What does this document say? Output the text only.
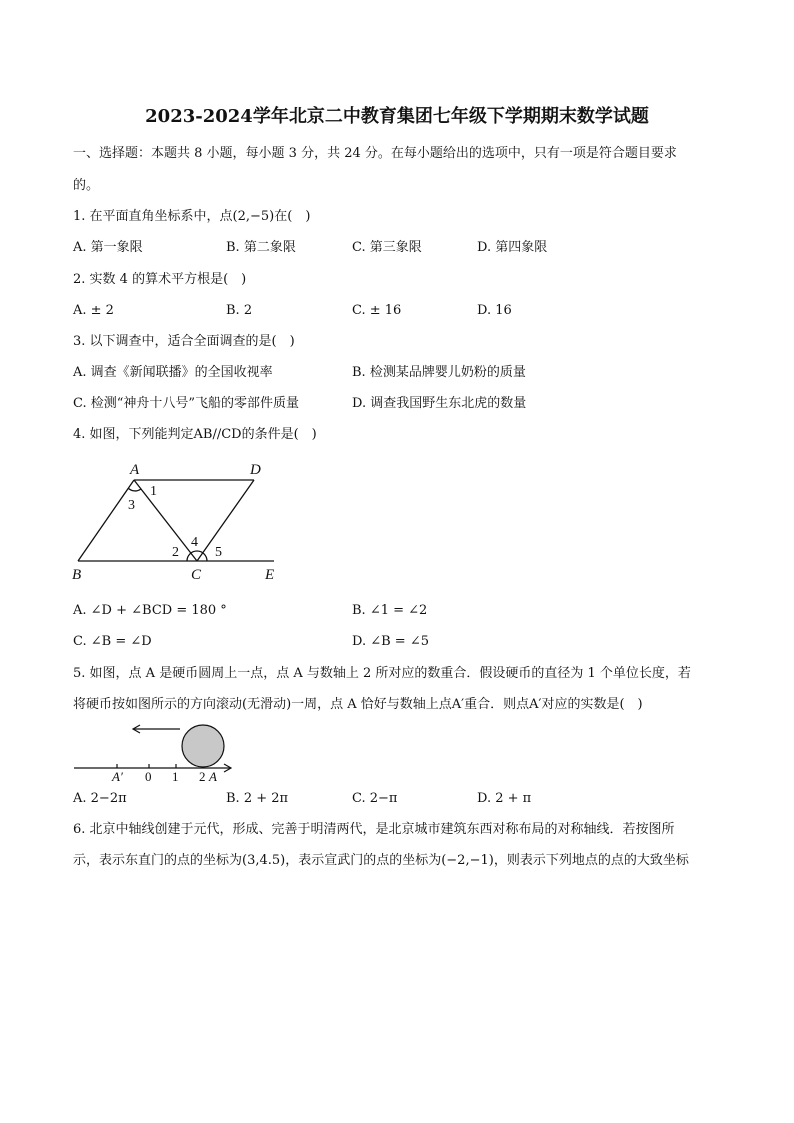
2023-2024学年北京二中教育集团七年级下学期期末数学试题
一、选择题：本题共 8 小题，每小题 3 分，共 24 分。在每小题给出的选项中，只有一项是符合题目要求
的。
1. 在平面直角坐标系中，点(2,−5)在(　)
A. 第一象限	B. 第二象限	C. 第三象限	D. 第四象限
2. 实数 4 的算术平方根是(　)
A. ± 2	B. 2	C. ± 16	D. 16
3. 以下调查中，适合全面调查的是(　)
A. 调查《新闻联播》的全国收视率	B. 检测某品牌婴儿奶粉的质量
C. 检测“神舟十八号”飞船的零部件质量	D. 调查我国野生东北虎的数量
4. 如图，下列能判定AB//CD的条件是(　)
A	D
1
3
4
2	5
B	C	E
A. ∠D + ∠BCD = 180 °	B. ∠1 = ∠2
C. ∠B = ∠D	D. ∠B = ∠5
5. 如图，点 A 是硬币圆周上一点，点 A 与数轴上 2 所对应的数重合．假设硬币的直径为 1 个单位长度，若
将硬币按如图所示的方向滚动(无滑动)一周，点 A 恰好与数轴上点A′重合．则点A′对应的实数是(　)
A′ 0 1 2 A
A. 2−2π	B. 2 + 2π	C. 2−π	D. 2 + π
6. 北京中轴线创建于元代，形成、完善于明清两代，是北京城市建筑东西对称布局的对称轴线．若按图所
示，表示东直门的点的坐标为(3,4.5)，表示宣武门的点的坐标为(−2,−1)，则表示下列地点的点的大致坐标
